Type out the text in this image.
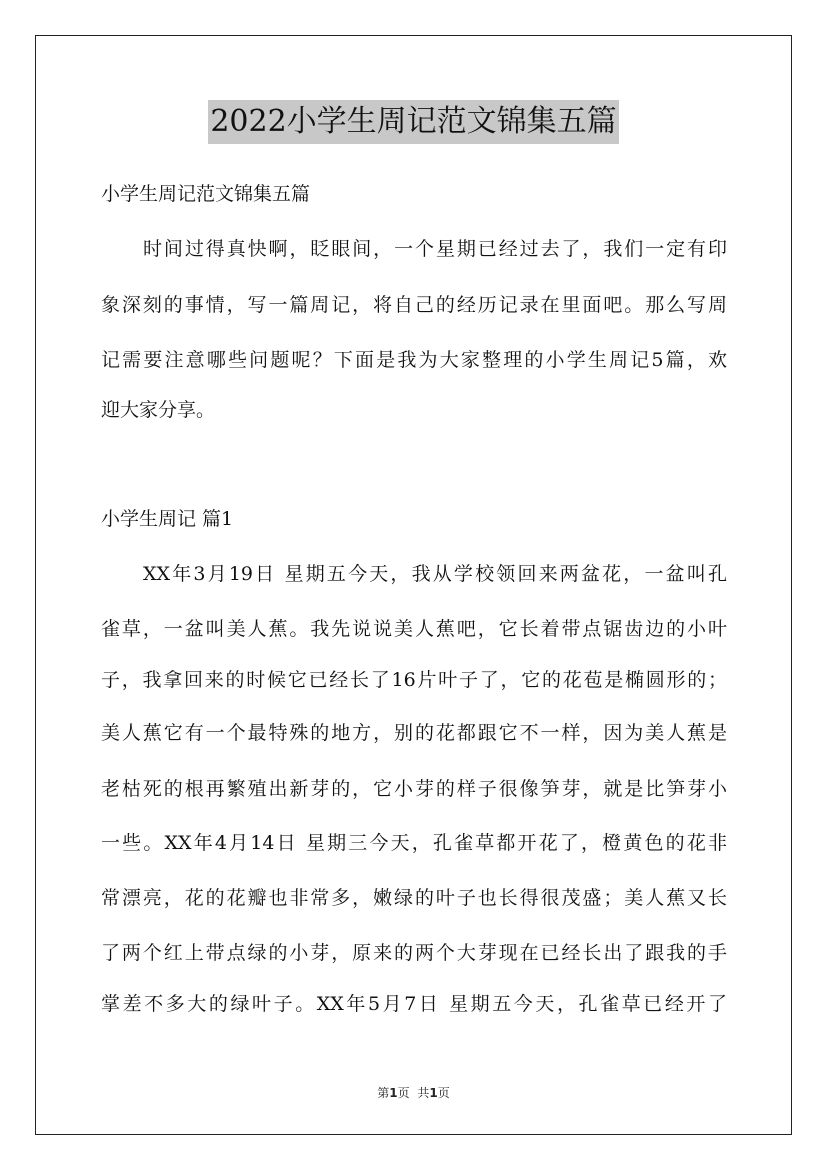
2022小学生周记范文锦集五篇
小学生周记范文锦集五篇
时间过得真快啊，眨眼间，一个星期已经过去了，我们一定有印
象深刻的事情，写一篇周记，将自己的经历记录在里面吧。那么写周
记需要注意哪些问题呢？下面是我为大家整理的小学生周记5篇，欢
迎大家分享。
小学生周记 篇1
XX年3月19日 星期五今天，我从学校领回来两盆花，一盆叫孔
雀草，一盆叫美人蕉。我先说说美人蕉吧，它长着带点锯齿边的小叶
子，我拿回来的时候它已经长了16片叶子了，它的花苞是椭圆形的；
美人蕉它有一个最特殊的地方，别的花都跟它不一样，因为美人蕉是
老枯死的根再繁殖出新芽的，它小芽的样子很像笋芽，就是比笋芽小
一些。XX年4月14日 星期三今天，孔雀草都开花了，橙黄色的花非
常漂亮，花的花瓣也非常多，嫩绿的叶子也长得很茂盛；美人蕉又长
了两个红上带点绿的小芽，原来的两个大芽现在已经长出了跟我的手
掌差不多大的绿叶子。XX年5月7日 星期五今天，孔雀草已经开了
第1页 共1页
